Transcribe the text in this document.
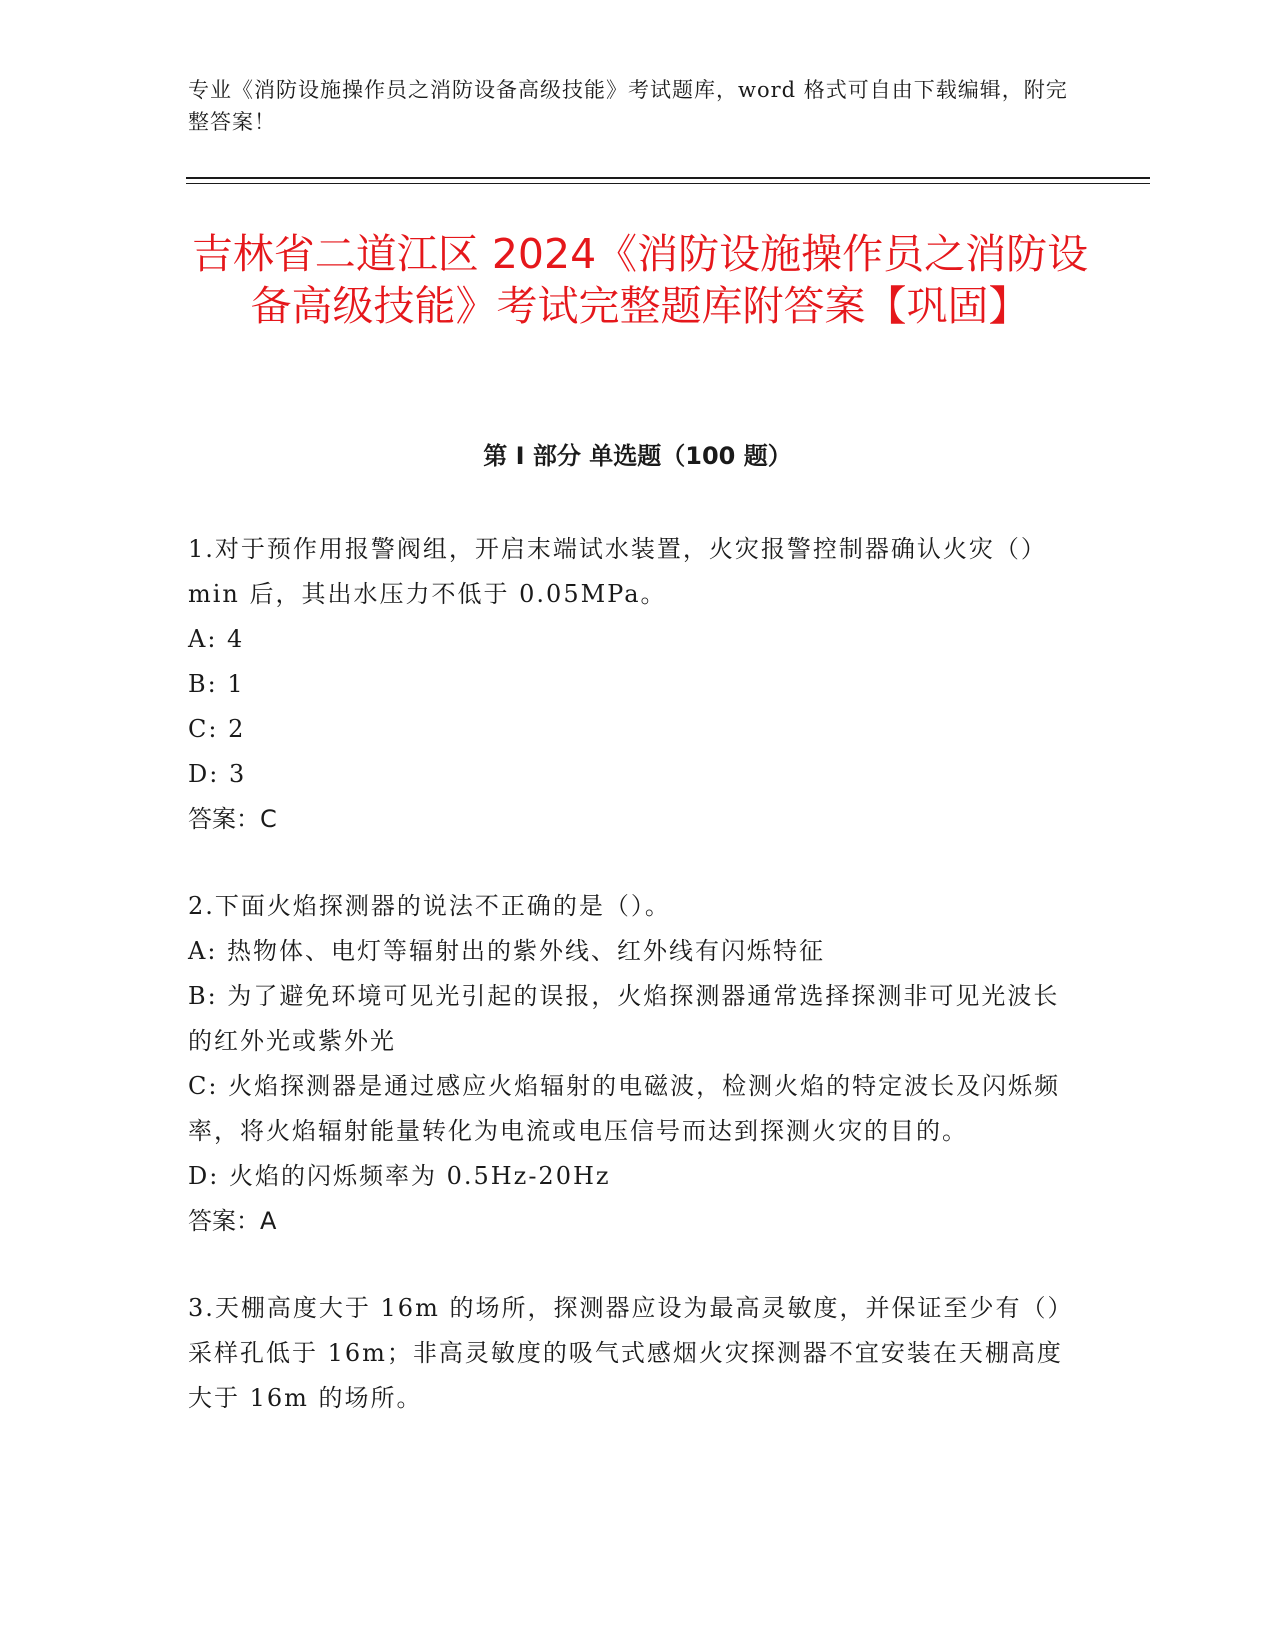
专业《消防设施操作员之消防设备高级技能》考试题库，word 格式可自由下载编辑，附完整答案！
吉林省二道江区 2024《消防设施操作员之消防设备高级技能》考试完整题库附答案【巩固】
第 I 部分 单选题（100 题）

1.对于预作用报警阀组，开启末端试水装置，火灾报警控制器确认火灾（）min 后，其出水压力不低于 0.05MPa。

A: 4

B: 1

C: 2

D: 3

答案：C

2.下面火焰探测器的说法不正确的是（）。

A: 热物体、电灯等辐射出的紫外线、红外线有闪烁特征

B: 为了避免环境可见光引起的误报，火焰探测器通常选择探测非可见光波长的红外光或紫外光

C: 火焰探测器是通过感应火焰辐射的电磁波，检测火焰的特定波长及闪烁频率，将火焰辐射能量转化为电流或电压信号而达到探测火灾的目的。

D: 火焰的闪烁频率为 0.5Hz-20Hz

答案：A

3.天棚高度大于 16m 的场所，探测器应设为最高灵敏度，并保证至少有（）采样孔低于 16m；非高灵敏度的吸气式感烟火灾探测器不宜安装在天棚高度大于 16m 的场所。
